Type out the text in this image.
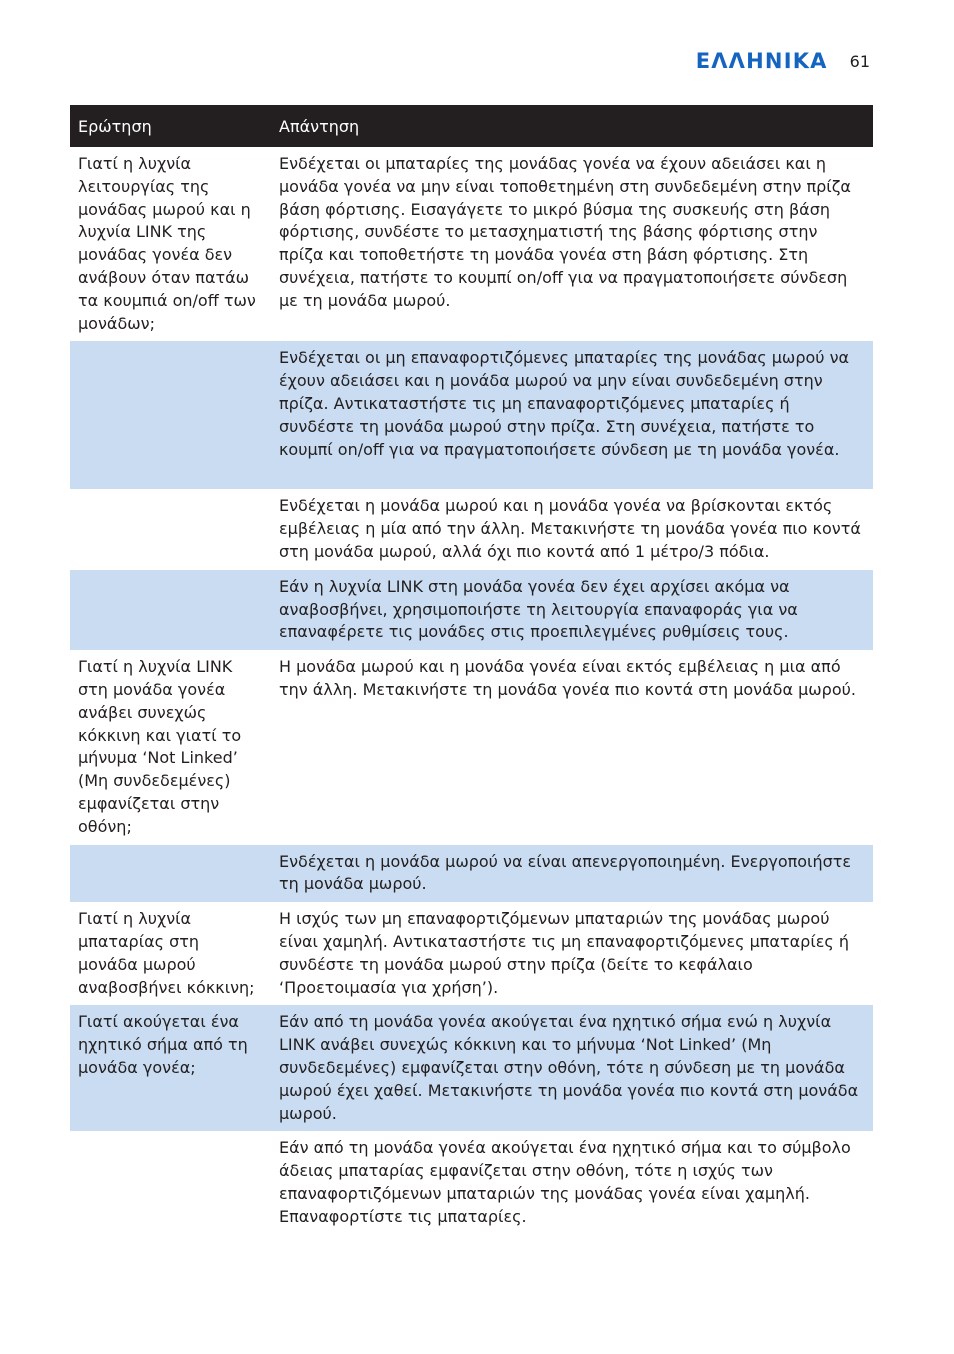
ΕΛΛΗΝΙΚΑ 61
Ερώτηση	Απάντηση
Γιατί η λυχνία λειτουργίας της μονάδας μωρού και η λυχνία LINK της μονάδας γονέα δεν ανάβουν όταν πατάω τα κουμπιά on/off των μονάδων;	Ενδέχεται οι μπαταρίες της μονάδας γονέα να έχουν αδειάσει και η μονάδα γονέα να μην είναι τοποθετημένη στη συνδεδεμένη στην πρίζα βάση φόρτισης. Εισαγάγετε το μικρό βύσμα της συσκευής στη βάση φόρτισης, συνδέστε το μετασχηματιστή της βάσης φόρτισης στην πρίζα και τοποθετήστε τη μονάδα γονέα στη βάση φόρτισης. Στη συνέχεια, πατήστε το κουμπί on/off για να πραγματοποιήσετε σύνδεση με τη μονάδα μωρού.
	Ενδέχεται οι μη επαναφορτιζόμενες μπαταρίες της μονάδας μωρού να έχουν αδειάσει και η μονάδα μωρού να μην είναι συνδεδεμένη στην πρίζα. Αντικαταστήστε τις μη επαναφορτιζόμενες μπαταρίες ή συνδέστε τη μονάδα μωρού στην πρίζα. Στη συνέχεια, πατήστε το κουμπί on/off για να πραγματοποιήσετε σύνδεση με τη μονάδα γονέα.
	Ενδέχεται η μονάδα μωρού και η μονάδα γονέα να βρίσκονται εκτός εμβέλειας η μία από την άλλη. Μετακινήστε τη μονάδα γονέα πιο κοντά στη μονάδα μωρού, αλλά όχι πιο κοντά από 1 μέτρο/3 πόδια.
	Εάν η λυχνία LINK στη μονάδα γονέα δεν έχει αρχίσει ακόμα να αναβοσβήνει, χρησιμοποιήστε τη λειτουργία επαναφοράς για να επαναφέρετε τις μονάδες στις προεπιλεγμένες ρυθμίσεις τους.
Γιατί η λυχνία LINK στη μονάδα γονέα ανάβει συνεχώς κόκκινη και γιατί το μήνυμα ‘Not Linked’ (Μη συνδεδεμένες) εμφανίζεται στην οθόνη;	Η μονάδα μωρού και η μονάδα γονέα είναι εκτός εμβέλειας η μια από την άλλη. Μετακινήστε τη μονάδα γονέα πιο κοντά στη μονάδα μωρού.
	Ενδέχεται η μονάδα μωρού να είναι απενεργοποιημένη. Ενεργοποιήστε τη μονάδα μωρού.
Γιατί η λυχνία μπαταρίας στη μονάδα μωρού αναβοσβήνει κόκκινη;	Η ισχύς των μη επαναφορτιζόμενων μπαταριών της μονάδας μωρού είναι χαμηλή. Αντικαταστήστε τις μη επαναφορτιζόμενες μπαταρίες ή συνδέστε τη μονάδα μωρού στην πρίζα (δείτε το κεφάλαιο ‘Προετοιμασία για χρήση’).
Γιατί ακούγεται ένα ηχητικό σήμα από τη μονάδα γονέα;	Εάν από τη μονάδα γονέα ακούγεται ένα ηχητικό σήμα ενώ η λυχνία LINK ανάβει συνεχώς κόκκινη και το μήνυμα ‘Not Linked’ (Μη συνδεδεμένες) εμφανίζεται στην οθόνη, τότε η σύνδεση με τη μονάδα μωρού έχει χαθεί. Μετακινήστε τη μονάδα γονέα πιο κοντά στη μονάδα μωρού.
	Εάν από τη μονάδα γονέα ακούγεται ένα ηχητικό σήμα και το σύμβολο άδειας μπαταρίας εμφανίζεται στην οθόνη, τότε η ισχύς των επαναφορτιζόμενων μπαταριών της μονάδας γονέα είναι χαμηλή. Επαναφορτίστε τις μπαταρίες.
